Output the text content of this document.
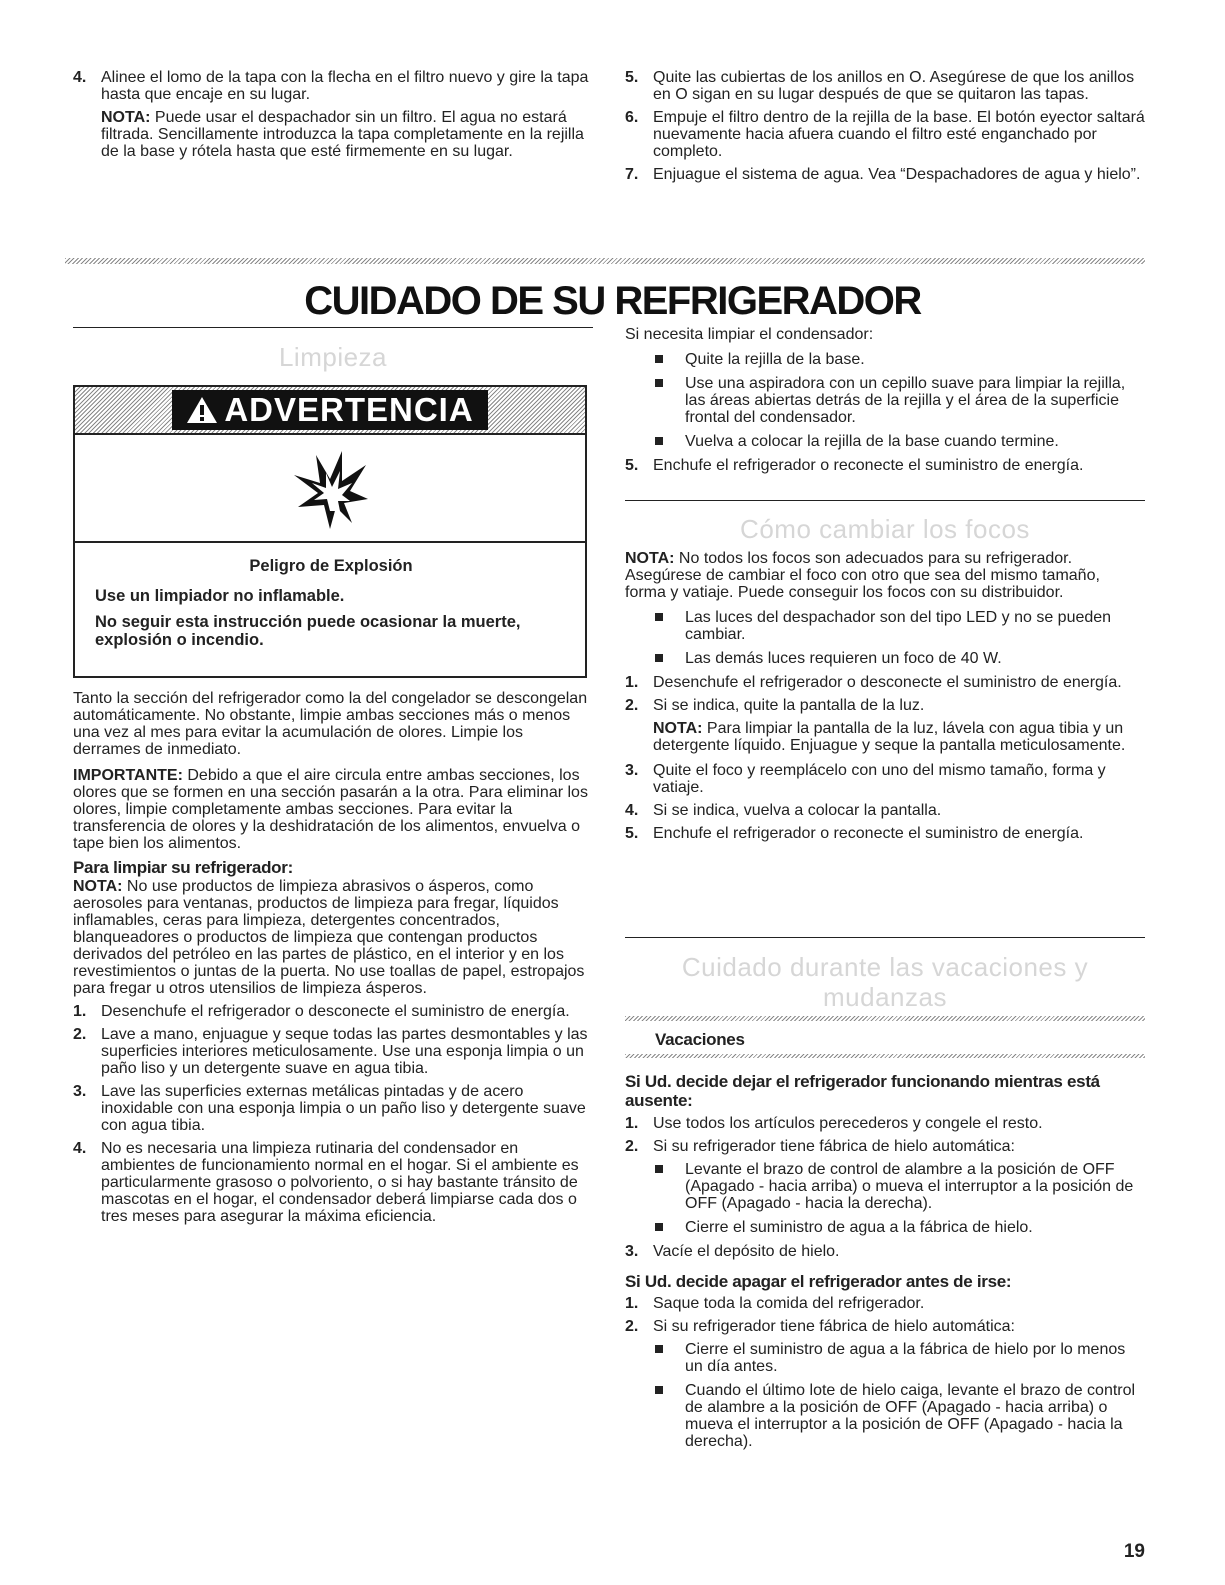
4. Alinee el lomo de la tapa con la flecha en el filtro nuevo y gire la tapa hasta que encaje en su lugar.

NOTA: Puede usar el despachador sin un filtro. El agua no estará filtrada. Sencillamente introduzca la tapa completamente en la rejilla de la base y rótela hasta que esté firmemente en su lugar.

5. Quite las cubiertas de los anillos en O. Asegúrese de que los anillos en O sigan en su lugar después de que se quitaron las tapas.
6. Empuje el filtro dentro de la rejilla de la base. El botón eyector saltará nuevamente hacia afuera cuando el filtro esté enganchado por completo.
7. Enjuague el sistema de agua. Vea “Despachadores de agua y hielo”.
CUIDADO DE SU REFRIGERADOR
Limpieza
ADVERTENCIA
Peligro de Explosión
Use un limpiador no inflamable.
No seguir esta instrucción puede ocasionar la muerte, explosión o incendio.

Tanto la sección del refrigerador como la del congelador se descongelan automáticamente. No obstante, limpie ambas secciones más o menos una vez al mes para evitar la acumulación de olores. Limpie los derrames de inmediato.

IMPORTANTE: Debido a que el aire circula entre ambas secciones, los olores que se formen en una sección pasarán a la otra. Para eliminar los olores, limpie completamente ambas secciones. Para evitar la transferencia de olores y la deshidratación de los alimentos, envuelva o tape bien los alimentos.

Para limpiar su refrigerador:

NOTA: No use productos de limpieza abrasivos o ásperos, como aerosoles para ventanas, productos de limpieza para fregar, líquidos inflamables, ceras para limpieza, detergentes concentrados, blanqueadores o productos de limpieza que contengan productos derivados del petróleo en las partes de plástico, en el interior y en los revestimientos o juntas de la puerta. No use toallas de papel, estropajos para fregar u otros utensilios de limpieza ásperos.

1. Desenchufe el refrigerador o desconecte el suministro de energía.
2. Lave a mano, enjuague y seque todas las partes desmontables y las superficies interiores meticulosamente. Use una esponja limpia o un paño liso y un detergente suave en agua tibia.
3. Lave las superficies externas metálicas pintadas y de acero inoxidable con una esponja limpia o un paño liso y detergente suave con agua tibia.
4. No es necesaria una limpieza rutinaria del condensador en ambientes de funcionamiento normal en el hogar. Si el ambiente es particularmente grasoso o polvoriento, o si hay bastante tránsito de mascotas en el hogar, el condensador deberá limpiarse cada dos o tres meses para asegurar la máxima eficiencia.

Si necesita limpiar el condensador:

Quite la rejilla de la base.
Use una aspiradora con un cepillo suave para limpiar la rejilla, las áreas abiertas detrás de la rejilla y el área de la superficie frontal del condensador.
Vuelva a colocar la rejilla de la base cuando termine.
5. Enchufe el refrigerador o reconecte el suministro de energía.
Cómo cambiar los focos

NOTA: No todos los focos son adecuados para su refrigerador. Asegúrese de cambiar el foco con otro que sea del mismo tamaño, forma y vatiaje. Puede conseguir los focos con su distribuidor.

Las luces del despachador son del tipo LED y no se pueden cambiar.
Las demás luces requieren un foco de 40 W.
1. Desenchufe el refrigerador o desconecte el suministro de energía.
2. Si se indica, quite la pantalla de la luz.

NOTA: Para limpiar la pantalla de la luz, lávela con agua tibia y un detergente líquido. Enjuague y seque la pantalla meticulosamente.

3. Quite el foco y reemplácelo con uno del mismo tamaño, forma y vatiaje.
4. Si se indica, vuelva a colocar la pantalla.
5. Enchufe el refrigerador o reconecte el suministro de energía.
Cuidado durante las vacaciones y
mudanzas
Vacaciones
Si Ud. decide dejar el refrigerador funcionando mientras está ausente:
1. Use todos los artículos perecederos y congele el resto.
2. Si su refrigerador tiene fábrica de hielo automática:
Levante el brazo de control de alambre a la posición de OFF (Apagado - hacia arriba) o mueva el interruptor a la posición de OFF (Apagado - hacia la derecha).
Cierre el suministro de agua a la fábrica de hielo.
3. Vacíe el depósito de hielo.
Si Ud. decide apagar el refrigerador antes de irse:
1. Saque toda la comida del refrigerador.
2. Si su refrigerador tiene fábrica de hielo automática:
Cierre el suministro de agua a la fábrica de hielo por lo menos un día antes.
Cuando el último lote de hielo caiga, levante el brazo de control de alambre a la posición de OFF (Apagado - hacia arriba) o mueva el interruptor a la posición de OFF (Apagado - hacia la derecha).
19
